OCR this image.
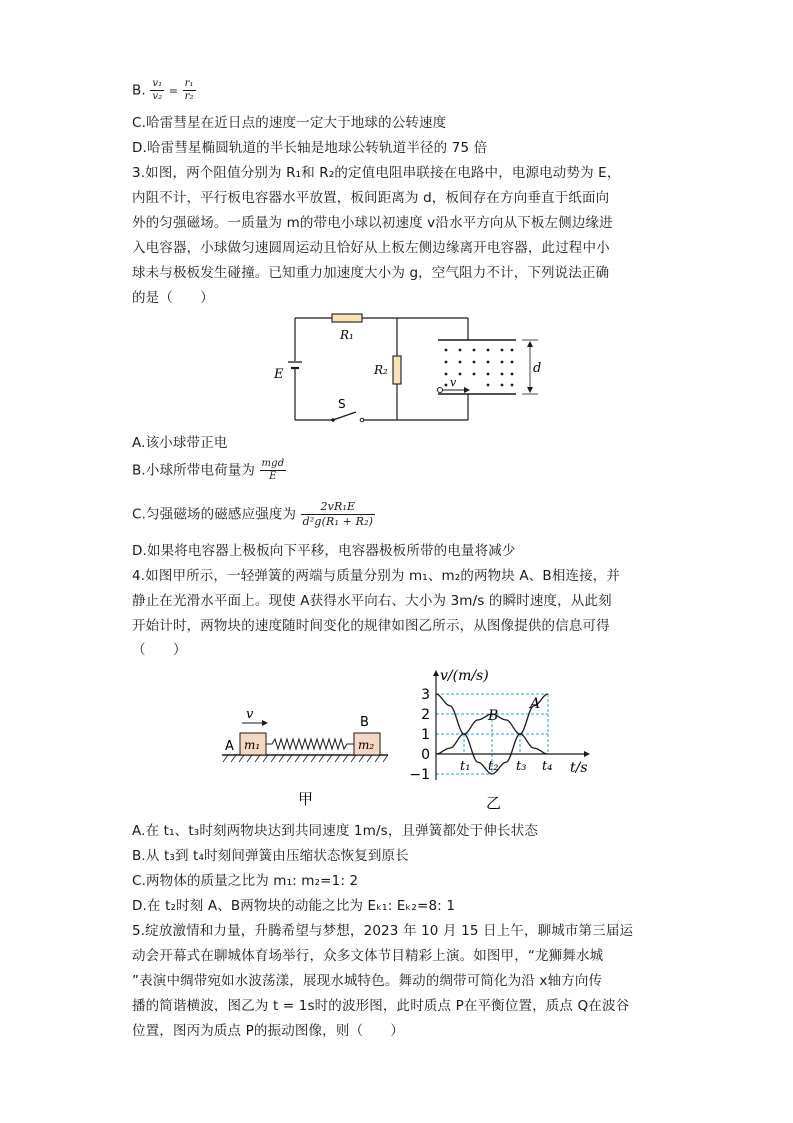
B. $\frac{\text{v₁}}{\text{v₂}} = \frac{\text{r₁}}{\text{r₂}}$
C.哈雷彗星在近日点的速度一定大于地球的公转速度
D.哈雷彗星椭圆轨道的半长轴是地球公转轨道半径的 75 倍
3.如图，两个阻值分别为 R₁和 R₂的定值电阻串联接在电路中，电源电动势为 E，
内阻不计，平行板电容器水平放置，板间距离为 d，板间存在方向垂直于纸面向
外的匀强磁场。一质量为 m的带电小球以初速度 v沿水平方向从下板左侧边缘进
入电容器，小球做匀速圆周运动且恰好从上板左侧边缘离开电容器，此过程中小
球未与极板发生碰撞。已知重力加速度大小为 g，空气阻力不计，下列说法正确
的是（　　）
R₁
R₂
E
S
d
v
A.该小球带正电
B.小球所带电荷量为 $\frac{\text{mgd}}{E}$
C.匀强磁场的磁感应强度为 $\frac{\text{2vR₁E}}{\text{d²g(R₁ + R₂)}}$
D.如果将电容器上极板向下平移，电容器极板所带的电量将减少
4.如图甲所示，一轻弹簧的两端与质量分别为 m₁、m₂的两物块 A、B相连接，并
静止在光滑水平面上。现使 A获得水平向右、大小为 3m/s 的瞬时速度，从此刻
开始计时，两物块的速度随时间变化的规律如图乙所示，从图像提供的信息可得
（　　）
v
A
B
m₁	m₂
甲
B
A
3
2
1
0
−1
t₁ t₂ t₃ t₄
v/(m/s)
t/s
乙
A.在 t₁、t₃时刻两物块达到共同速度 1m/s，且弹簧都处于伸长状态
B.从 t₃到 t₄时刻间弹簧由压缩状态恢复到原长
C.两物体的质量之比为 m₁: m₂=1: 2
D.在 t₂时刻 A、B两物块的动能之比为 Eₖ₁: Eₖ₂=8: 1
5.绽放激情和力量，升腾希望与梦想，2023 年 10 月 15 日上午，聊城市第三届运
动会开幕式在聊城体育场举行，众多文体节目精彩上演。如图甲，“龙狮舞水城
”表演中绸带宛如水波荡漾，展现水城特色。舞动的绸带可简化为沿 x轴方向传
播的简谐横波，图乙为 t = 1s时的波形图，此时质点 P在平衡位置，质点 Q在波谷
位置，图丙为质点 P的振动图像，则（　　）
